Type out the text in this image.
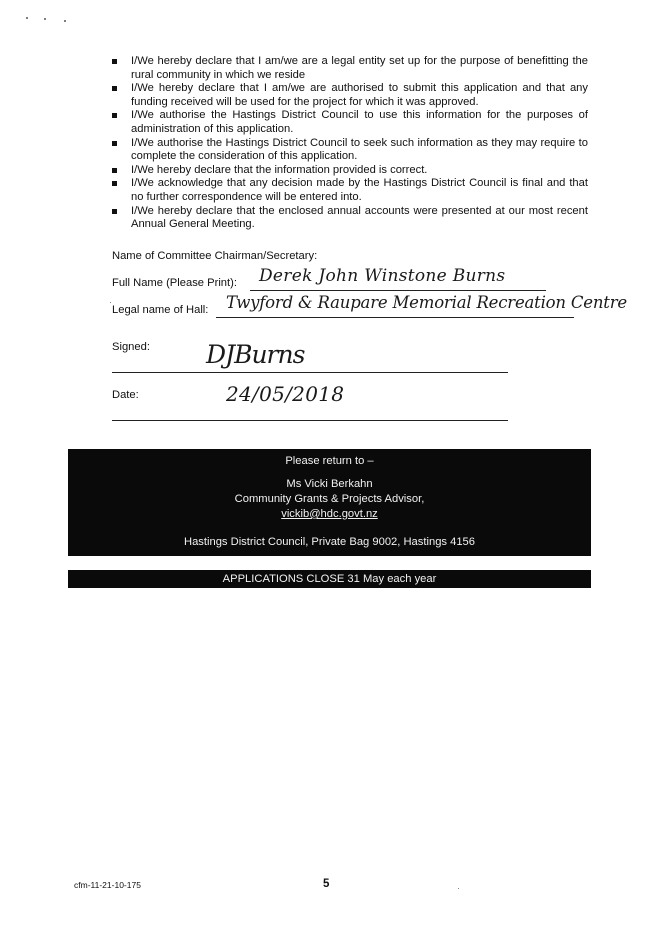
I/We hereby declare that I am/we are a legal entity set up for the purpose of benefitting the rural community in which we reside
I/We hereby declare that I am/we are authorised to submit this application and that any funding received will be used for the project for which it was approved.
I/We authorise the Hastings District Council to use this information for the purposes of administration of this application.
I/We authorise the Hastings District Council to seek such information as they may require to complete the consideration of this application.
I/We hereby declare that the information provided is correct.
I/We acknowledge that any decision made by the Hastings District Council is final and that no further correspondence will be entered into.
I/We hereby declare that the enclosed annual accounts were presented at our most recent Annual General Meeting.
Name of Committee Chairman/Secretary:
Full Name (Please Print): Derek John Winstone Burns
Legal name of Hall: Twyford & Raupare Memorial Recreation Centre
Signed: DJBurns
Date:	24/05/2018
Please return to –
Ms Vicki Berkahn
Community Grants & Projects Advisor,
vickib@hdc.govt.nz
Hastings District Council, Private Bag 9002, Hastings 4156
APPLICATIONS CLOSE 31 May each year
cfm-11-21-10-175	5
